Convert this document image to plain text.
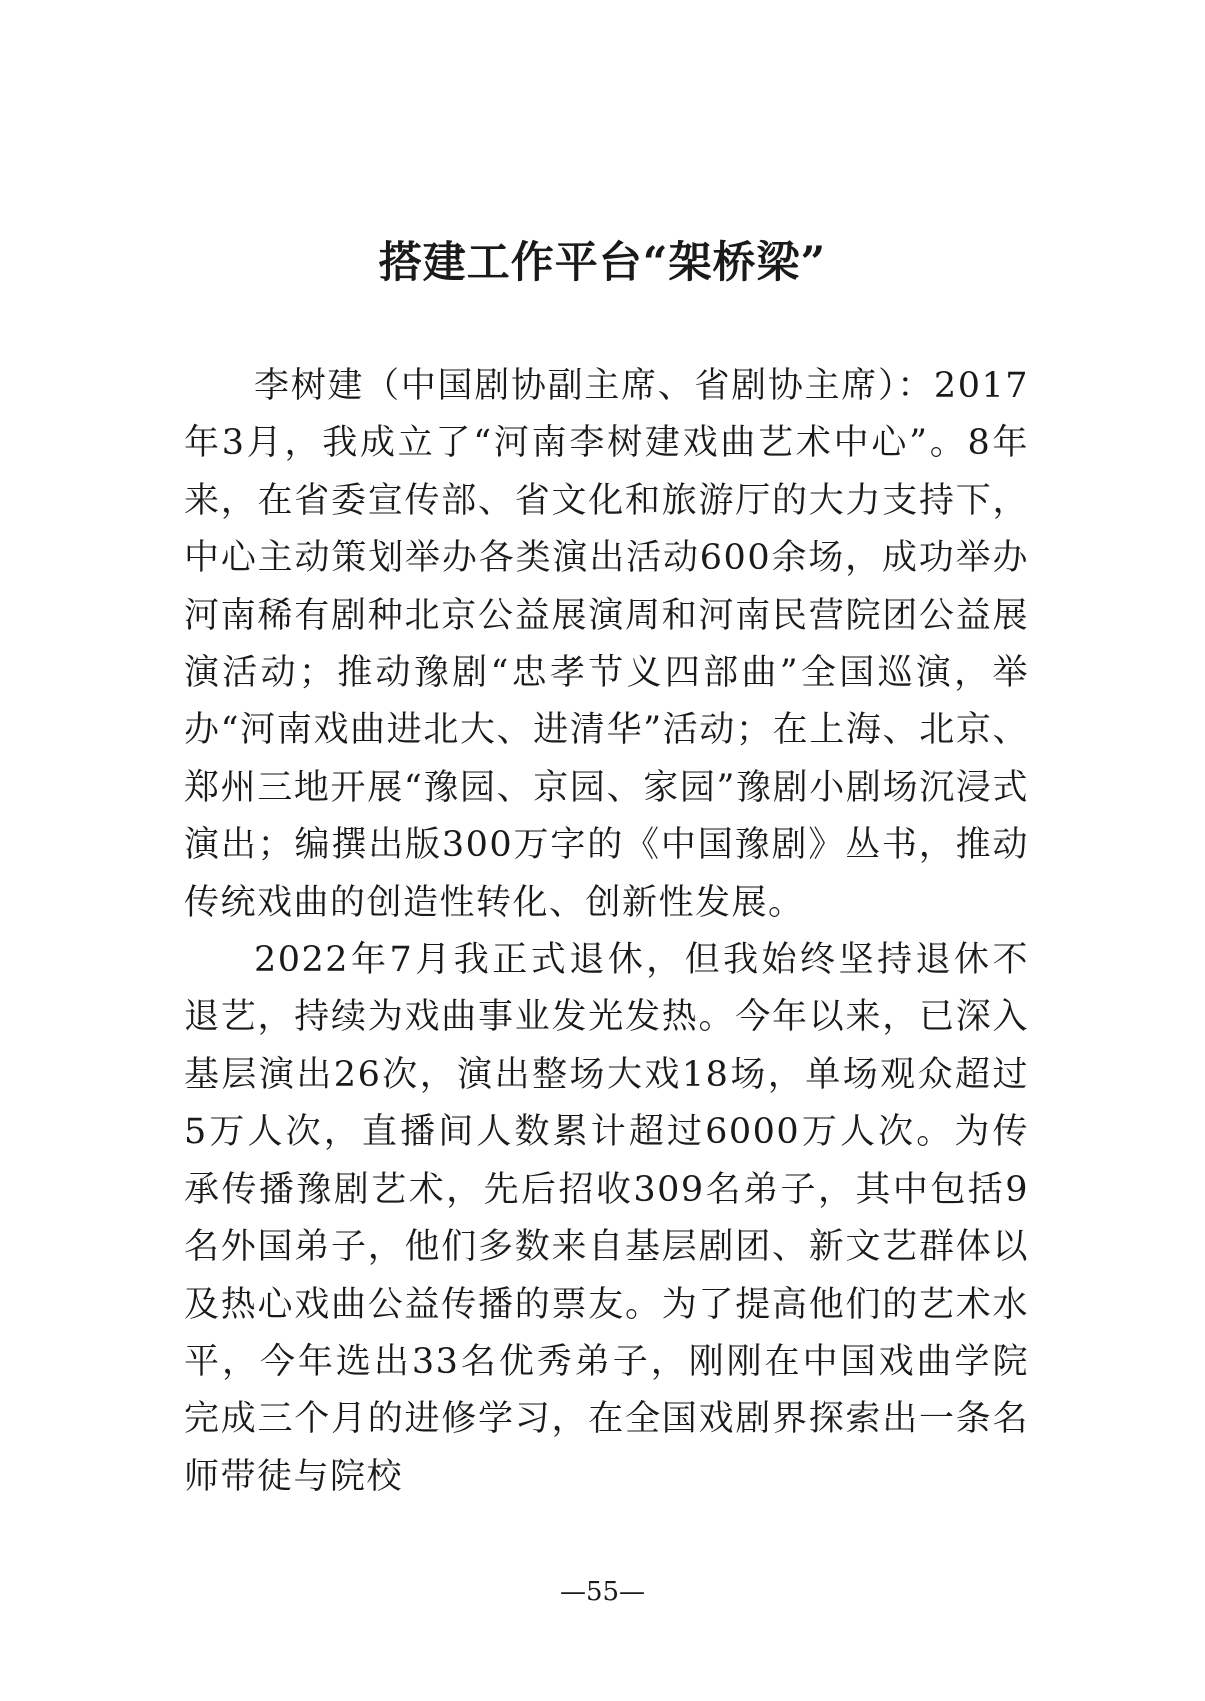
搭建工作平台“架桥梁”

李树建（中国剧协副主席、省剧协主席）：2017年3月，我成立了“河南李树建戏曲艺术中心”。8年来，在省委宣传部、省文化和旅游厅的大力支持下，中心主动策划举办各类演出活动600余场，成功举办河南稀有剧种北京公益展演周和河南民营院团公益展演活动；推动豫剧“忠孝节义四部曲”全国巡演，举办“河南戏曲进北大、进清华”活动；在上海、北京、郑州三地开展“豫园、京园、家园”豫剧小剧场沉浸式演出；编撰出版300万字的《中国豫剧》丛书，推动传统戏曲的创造性转化、创新性发展。

2022年7月我正式退休，但我始终坚持退休不退艺，持续为戏曲事业发光发热。今年以来，已深入基层演出26次，演出整场大戏18场，单场观众超过5万人次，直播间人数累计超过6000万人次。为传承传播豫剧艺术，先后招收309名弟子，其中包括9名外国弟子，他们多数来自基层剧团、新文艺群体以及热心戏曲公益传播的票友。为了提高他们的艺术水平，今年选出33名优秀弟子，刚刚在中国戏曲学院完成三个月的进修学习，在全国戏剧界探索出一条名师带徒与院校

—55—
